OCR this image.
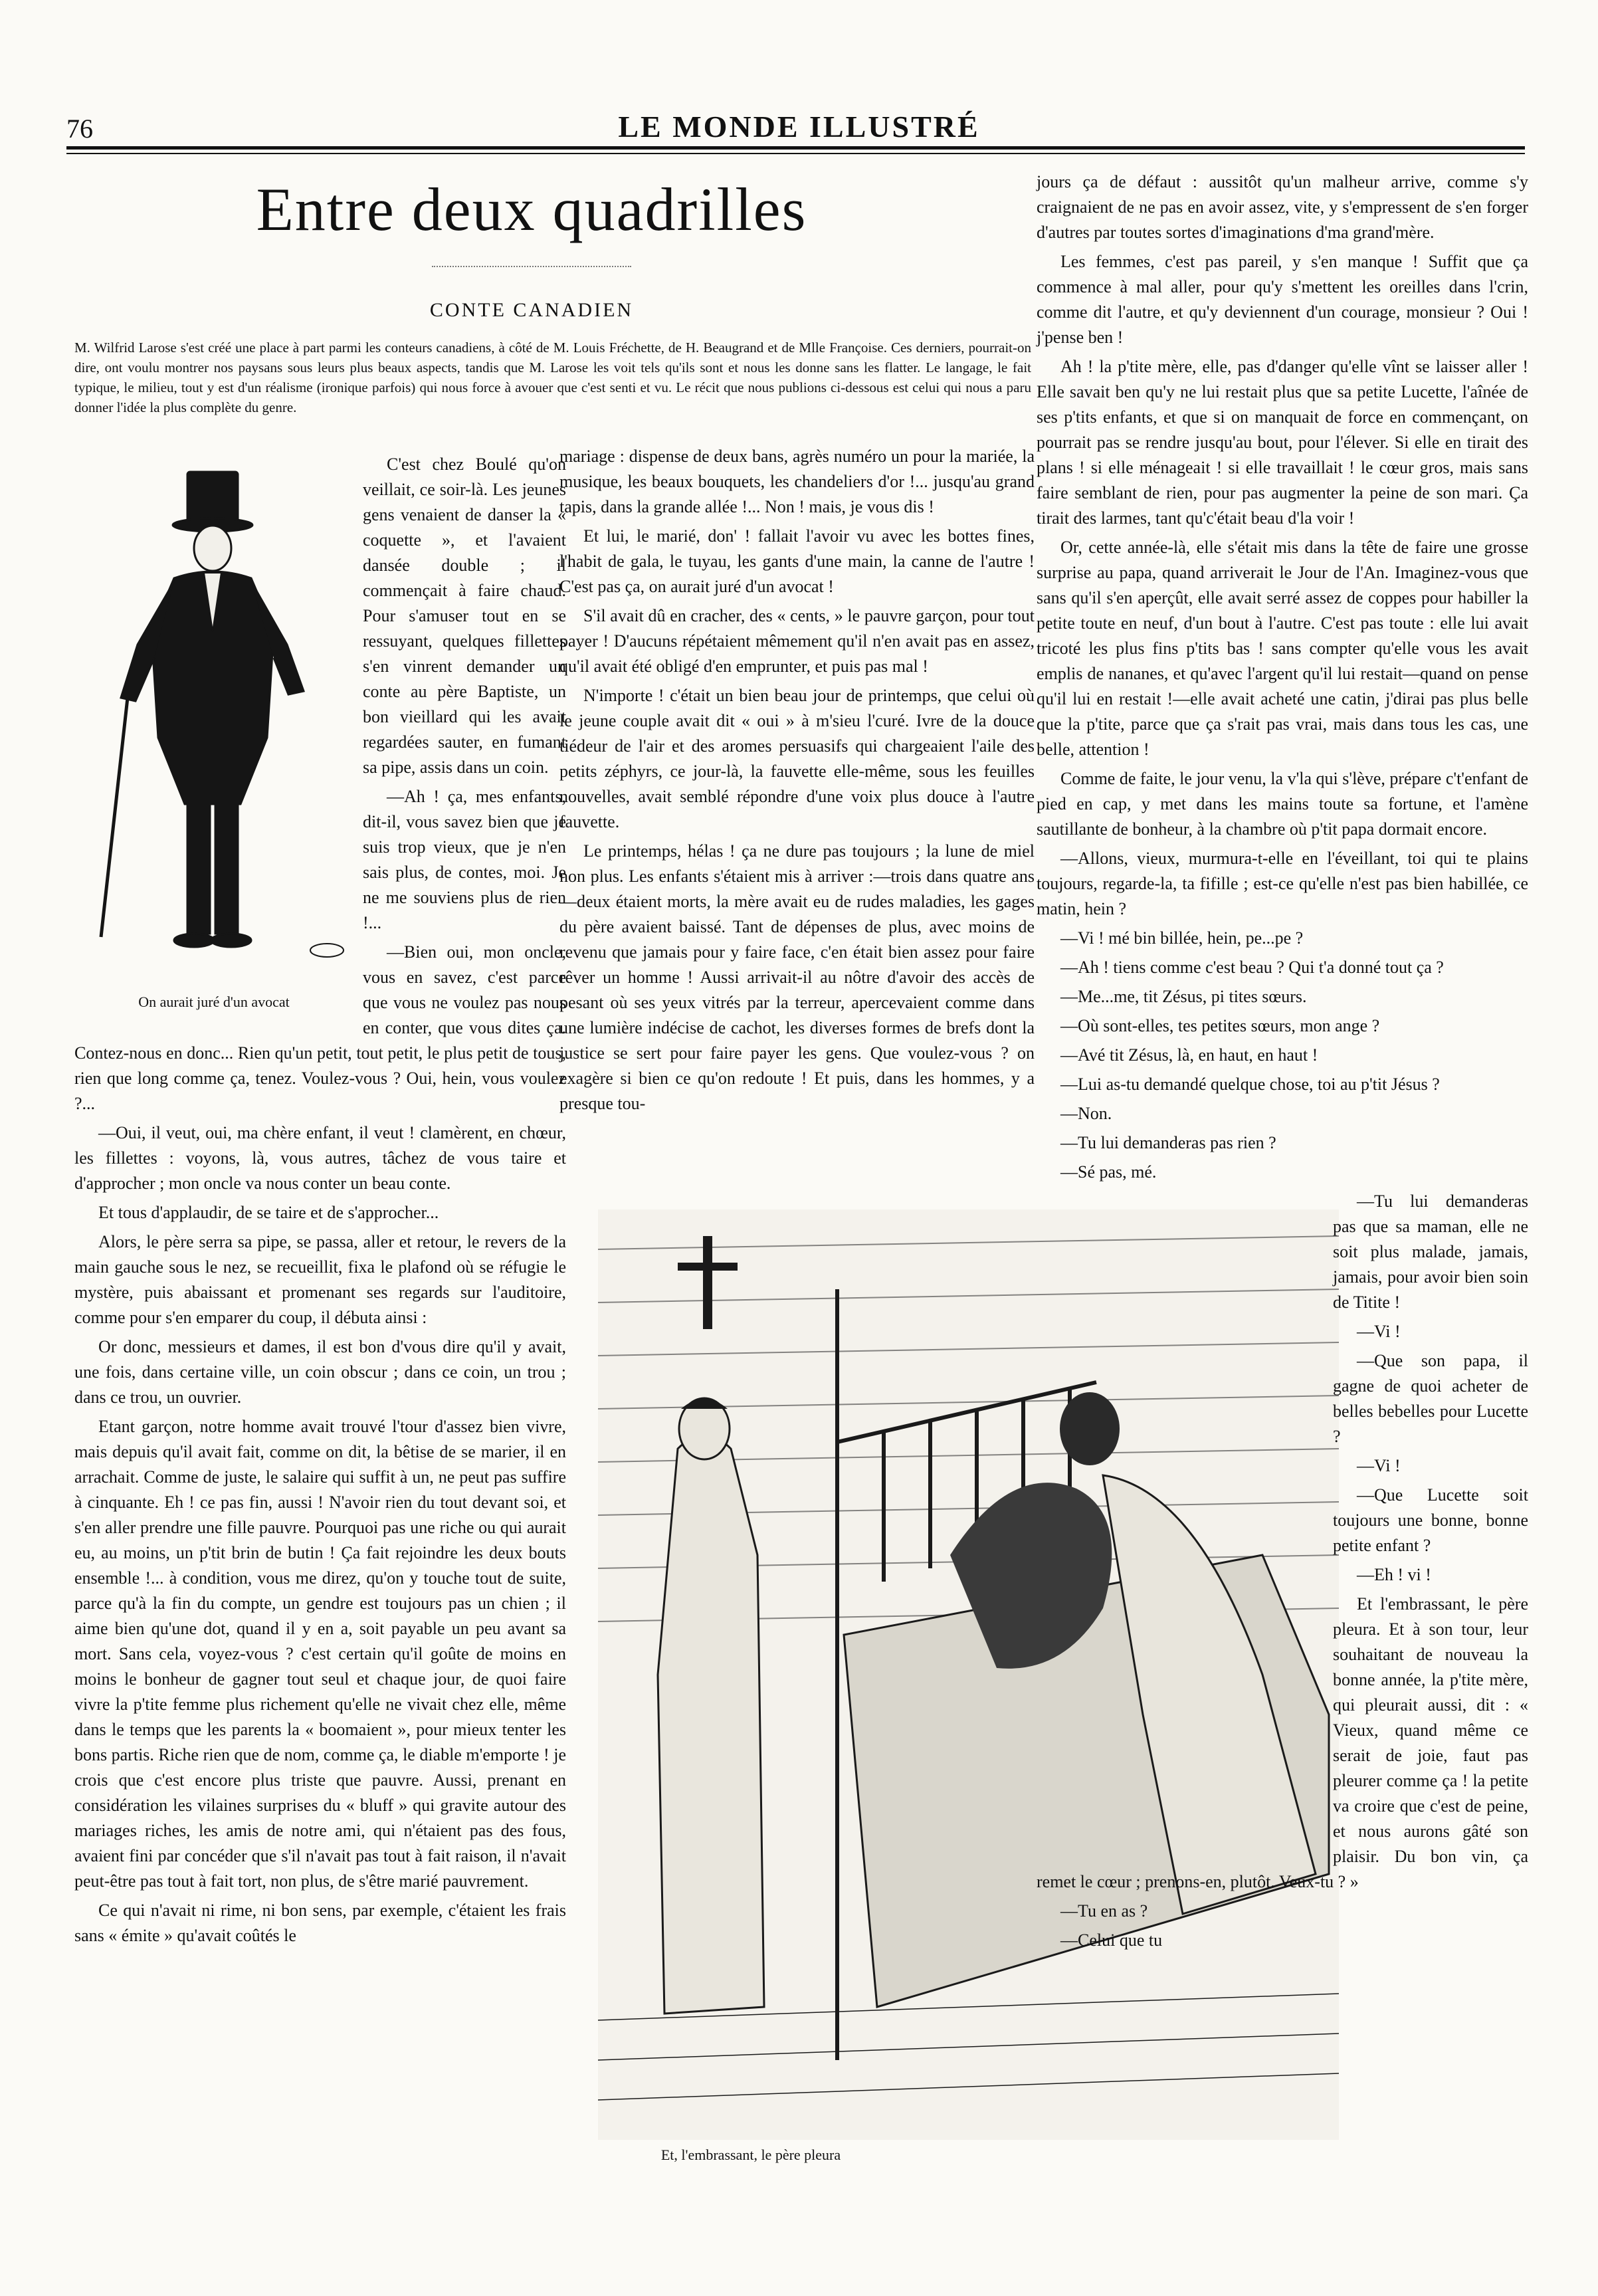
76	LE MONDE ILLUSTRÉ
Entre deux quadrilles
CONTE CANADIEN
M. Wilfrid Larose s'est créé une place à part parmi les conteurs canadiens, à côté de M. Louis Fréchette, de H. Beaugrand et de Mlle Françoise. Ces derniers, pourrait-on dire, ont voulu montrer nos paysans sous leurs plus beaux aspects, tandis que M. Larose les voit tels qu'ils sont et nous les donne sans les flatter. Le langage, le fait typique, le milieu, tout y est d'un réalisme (ironique parfois) qui nous force à avouer que c'est senti et vu. Le récit que nous publions ci-dessous est celui qui nous a paru donner l'idée la plus complète du genre.
On aurait juré d'un avocat
Et, l'embrassant, le père pleura

C'est chez Boulé qu'on veillait, ce soir-là. Les jeunes gens venaient de danser la « coquette », et l'avaient dansée double ; il commençait à faire chaud. Pour s'amuser tout en se ressuyant, quelques fillettes s'en vinrent demander un conte au père Baptiste, un bon vieillard qui les avait regardées sauter, en fumant sa pipe, assis dans un coin.

—Ah ! ça, mes enfants, dit-il, vous savez bien que je suis trop vieux, que je n'en sais plus, de contes, moi. Je ne me souviens plus de rien !...

—Bien oui, mon oncle, vous en savez, c'est parce que vous ne voulez pas nous en conter, que vous dites ça. Contez-nous en donc... Rien qu'un petit, tout petit, le plus petit de tous, rien que long comme ça, tenez. Voulez-vous ? Oui, hein, vous voulez ?...

—Oui, il veut, oui, ma chère enfant, il veut ! clamèrent, en chœur, les fillettes : voyons, là, vous autres, tâchez de vous taire et d'approcher ; mon oncle va nous conter un beau conte.

Et tous d'applaudir, de se taire et de s'approcher...

Alors, le père serra sa pipe, se passa, aller et retour, le revers de la main gauche sous le nez, se recueillit, fixa le plafond où se réfugie le mystère, puis abaissant et promenant ses regards sur l'auditoire, comme pour s'en emparer du coup, il débuta ainsi :

Or donc, messieurs et dames, il est bon d'vous dire qu'il y avait, une fois, dans certaine ville, un coin obscur ; dans ce coin, un trou ; dans ce trou, un ouvrier.

Etant garçon, notre homme avait trouvé l'tour d'assez bien vivre, mais depuis qu'il avait fait, comme on dit, la bêtise de se marier, il en arrachait. Comme de juste, le salaire qui suffit à un, ne peut pas suffire à cinquante. Eh ! ce pas fin, aussi ! N'avoir rien du tout devant soi, et s'en aller prendre une fille pauvre. Pourquoi pas une riche ou qui aurait eu, au moins, un p'tit brin de butin ! Ça fait rejoindre les deux bouts ensemble !... à condition, vous me direz, qu'on y touche tout de suite, parce qu'à la fin du compte, un gendre est toujours pas un chien ; il aime bien qu'une dot, quand il y en a, soit payable un peu avant sa mort. Sans cela, voyez-vous ? c'est certain qu'il goûte de moins en moins le bonheur de gagner tout seul et chaque jour, de quoi faire vivre la p'tite femme plus richement qu'elle ne vivait chez elle, même dans le temps que les parents la « boomaient », pour mieux tenter les bons partis. Riche rien que de nom, comme ça, le diable m'emporte ! je crois que c'est encore plus triste que pauvre. Aussi, prenant en considération les vilaines surprises du « bluff » qui gravite autour des mariages riches, les amis de notre ami, qui n'étaient pas des fous, avaient fini par concéder que s'il n'avait pas tout à fait raison, il n'avait peut-être pas tout à fait tort, non plus, de s'être marié pauvrement.

Ce qui n'avait ni rime, ni bon sens, par exemple, c'étaient les frais sans « émite » qu'avait coûtés le

mariage : dispense de deux bans, agrès numéro un pour la mariée, la musique, les beaux bouquets, les chandeliers d'or !... jusqu'au grand tapis, dans la grande allée !... Non ! mais, je vous dis !

Et lui, le marié, don' ! fallait l'avoir vu avec les bottes fines, l'habit de gala, le tuyau, les gants d'une main, la canne de l'autre ! C'est pas ça, on aurait juré d'un avocat !

S'il avait dû en cracher, des « cents, » le pauvre garçon, pour tout payer ! D'aucuns répétaient mêmement qu'il n'en avait pas en assez, qu'il avait été obligé d'en emprunter, et puis pas mal !

N'importe ! c'était un bien beau jour de printemps, que celui où le jeune couple avait dit « oui » à m'sieu l'curé. Ivre de la douce tiédeur de l'air et des aromes persuasifs qui chargeaient l'aile des petits zéphyrs, ce jour-là, la fauvette elle-même, sous les feuilles nouvelles, avait semblé répondre d'une voix plus douce à l'autre fauvette.

Le printemps, hélas ! ça ne dure pas toujours ; la lune de miel non plus. Les enfants s'étaient mis à arriver :—trois dans quatre ans—deux étaient morts, la mère avait eu de rudes maladies, les gages du père avaient baissé. Tant de dépenses de plus, avec moins de revenu que jamais pour y faire face, c'en était bien assez pour faire rêver un homme ! Aussi arrivait-il au nôtre d'avoir des accès de pesant où ses yeux vitrés par la terreur, apercevaient comme dans une lumière indécise de cachot, les diverses formes de brefs dont la justice se sert pour faire payer les gens. Que voulez-vous ? on exagère si bien ce qu'on redoute ! Et puis, dans les hommes, y a presque tou-

jours ça de défaut : aussitôt qu'un malheur arrive, comme s'y craignaient de ne pas en avoir assez, vite, y s'empressent de s'en forger d'autres par toutes sortes d'imaginations d'ma grand'mère.

Les femmes, c'est pas pareil, y s'en manque ! Suffit que ça commence à mal aller, pour qu'y s'mettent les oreilles dans l'crin, comme dit l'autre, et qu'y deviennent d'un courage, monsieur ? Oui ! j'pense ben !

Ah ! la p'tite mère, elle, pas d'danger qu'elle vînt se laisser aller ! Elle savait ben qu'y ne lui restait plus que sa petite Lucette, l'aînée de ses p'tits enfants, et que si on manquait de force en commençant, on pourrait pas se rendre jusqu'au bout, pour l'élever. Si elle en tirait des plans ! si elle ménageait ! si elle travaillait ! le cœur gros, mais sans faire semblant de rien, pour pas augmenter la peine de son mari. Ça tirait des larmes, tant qu'c'était beau d'la voir !

Or, cette année-là, elle s'était mis dans la tête de faire une grosse surprise au papa, quand arriverait le Jour de l'An. Imaginez-vous que sans qu'il s'en aperçût, elle avait serré assez de coppes pour habiller la petite toute en neuf, d'un bout à l'autre. C'est pas toute : elle lui avait tricoté les plus fins p'tits bas ! sans compter qu'elle vous les avait emplis de nananes, et qu'avec l'argent qu'il lui restait—quand on pense qu'il lui en restait !—elle avait acheté une catin, j'dirai pas plus belle que la p'tite, parce que ça s'rait pas vrai, mais dans tous les cas, une belle, attention !

Comme de faite, le jour venu, la v'la qui s'lève, prépare c't'enfant de pied en cap, y met dans les mains toute sa fortune, et l'amène sautillante de bonheur, à la chambre où p'tit papa dormait encore.

—Allons, vieux, murmura-t-elle en l'éveillant, toi qui te plains toujours, regarde-la, ta fifille ; est-ce qu'elle n'est pas bien habillée, ce matin, hein ?

—Vi ! mé bin billée, hein, pe...pe ?

—Ah ! tiens comme c'est beau ? Qui t'a donné tout ça ?

—Me...me, tit Zésus, pi tites sœurs.

—Où sont-elles, tes petites sœurs, mon ange ?

—Avé tit Zésus, là, en haut, en haut !

—Lui as-tu demandé quelque chose, toi au p'tit Jésus ?

—Non.

—Tu lui demanderas pas rien ?

—Sé pas, mé.

—Tu lui demanderas pas que sa maman, elle ne soit plus malade, jamais, jamais, pour avoir bien soin de Titite !

—Vi !

—Que son papa, il gagne de quoi acheter de belles bebelles pour Lucette ?

—Vi !

—Que Lucette soit toujours une bonne, bonne petite enfant ?

—Eh ! vi !

Et l'embrassant, le père pleura. Et à son tour, leur souhaitant de nouveau la bonne année, la p'tite mère, qui pleurait aussi, dit : « Vieux, quand même ce serait de joie, faut pas pleurer comme ça ! la petite va croire que c'est de peine, et nous aurons gâté son plaisir. Du bon vin, ça remet le cœur ; prenons-en, plutôt. Veux-tu ? »

—Tu en as ?

—Celui que tu
